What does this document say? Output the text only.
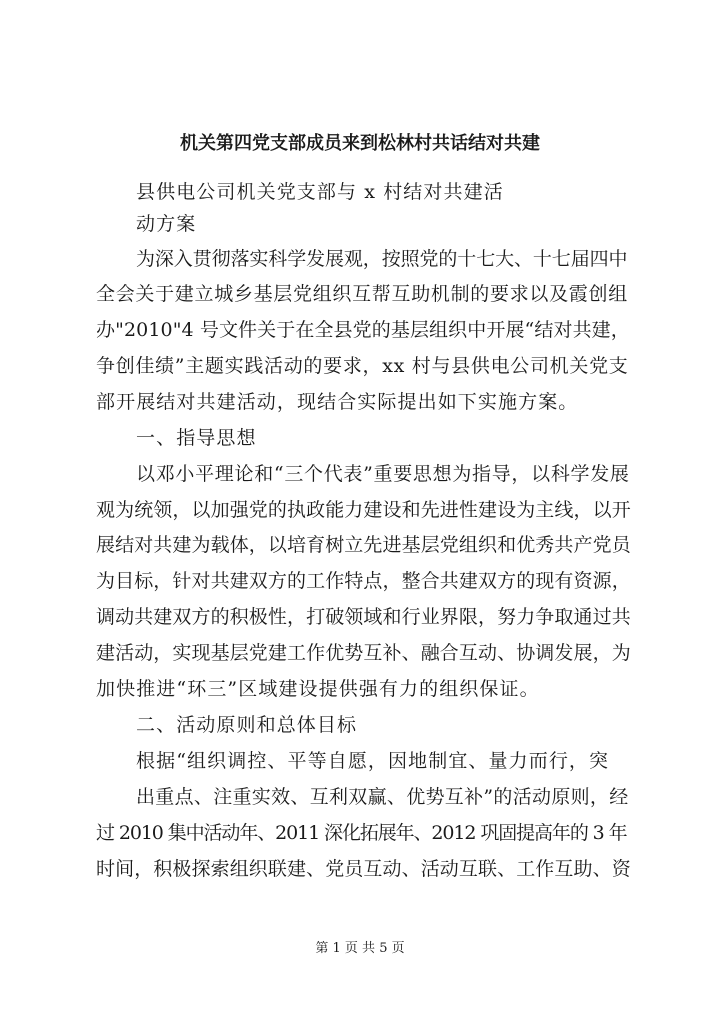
机关第四党支部成员来到松林村共话结对共建
县供电公司机关党支部与 x 村结对共建活
动方案
为深入贯彻落实科学发展观，按照党的十七大、十七届四中
全会关于建立城乡基层党组织互帮互助机制的要求以及霞创组
办"2010"4 号文件关于在全县党的基层组织中开展“结对共建，
争创佳绩”主题实践活动的要求，xx 村与县供电公司机关党支
部开展结对共建活动，现结合实际提出如下实施方案。
一、指导思想
以邓小平理论和“三个代表”重要思想为指导，以科学发展
观为统领，以加强党的执政能力建设和先进性建设为主线，以开
展结对共建为载体，以培育树立先进基层党组织和优秀共产党员
为目标，针对共建双方的工作特点，整合共建双方的现有资源，
调动共建双方的积极性，打破领域和行业界限，努力争取通过共
建活动，实现基层党建工作优势互补、融合互动、协调发展，为
加快推进“环三”区域建设提供强有力的组织保证。
二、活动原则和总体目标
根据“组织调控、平等自愿，因地制宜、量力而行，突
出重点、注重实效、互利双赢、优势互补”的活动原则，经
过 2010 集中活动年、2011 深化拓展年、2012 巩固提高年的 3 年
时间，积极探索组织联建、党员互动、活动互联、工作互助、资
第 1 页 共 5 页
